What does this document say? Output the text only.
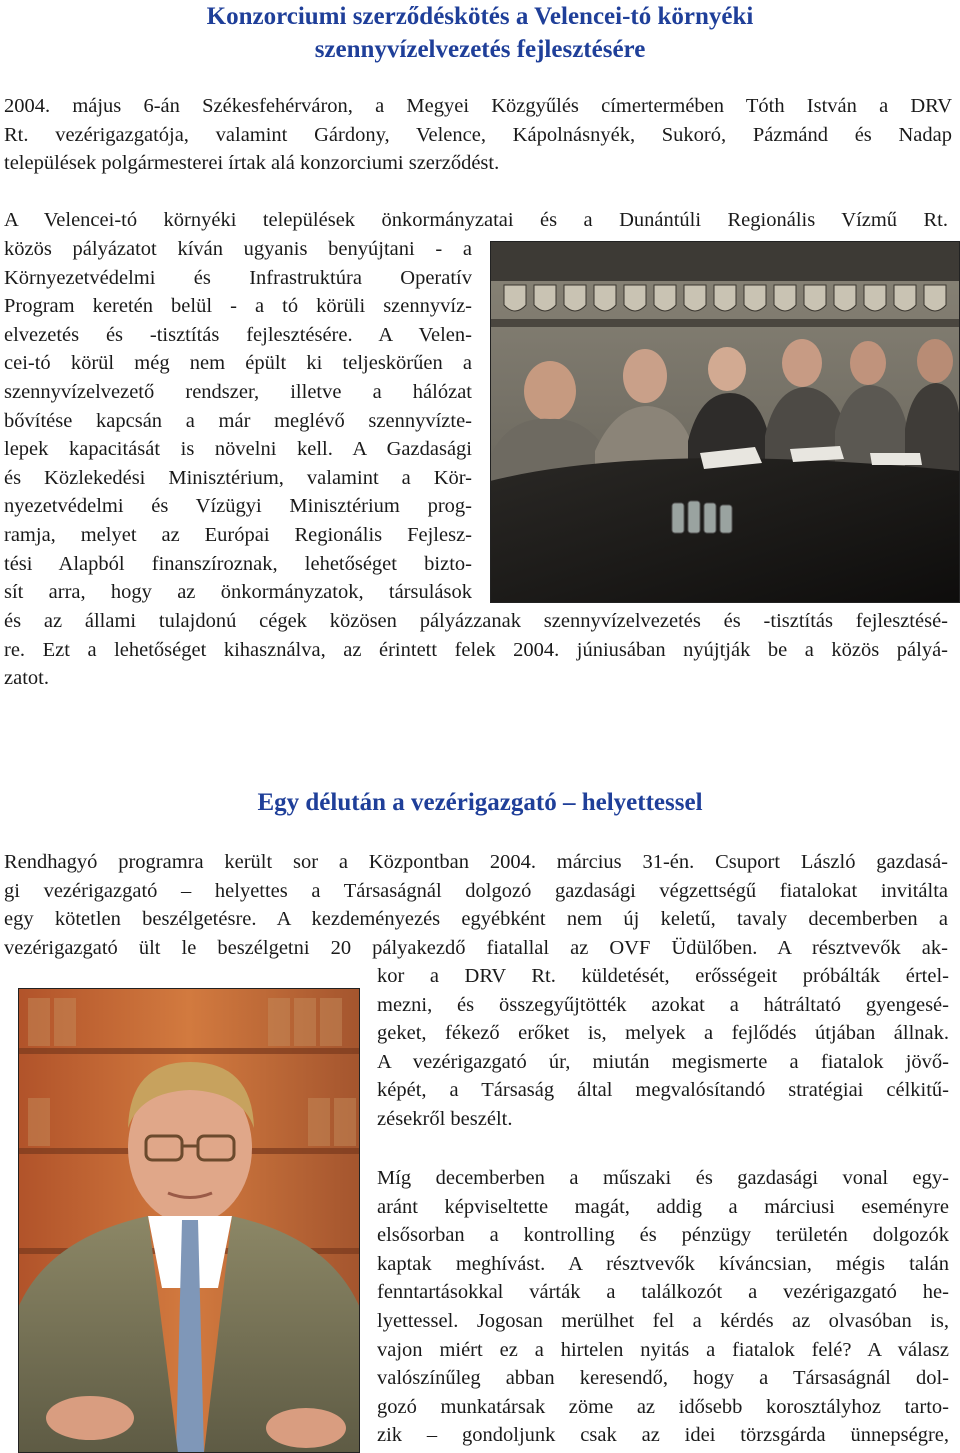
Konzorciumi szerződéskötés a Velencei-tó környéki
szennyvízelvezetés fejlesztésére
2004. május 6-án Székesfehérváron, a Megyei Közgyűlés címertermében Tóth István a DRV
Rt. vezérigazgatója, valamint Gárdony, Velence, Kápolnásnyék, Sukoró, Pázmánd és Nadap
települések polgármesterei írtak alá konzorciumi szerződést.
A Velencei-tó környéki települések önkormányzatai és a Dunántúli Regionális Vízmű Rt.
közös pályázatot kíván ugyanis benyújtani - a
Környezetvédelmi és Infrastruktúra Operatív
Program keretén belül - a tó körüli szennyvíz-
elvezetés és -tisztítás fejlesztésére. A Velen-
cei-tó körül még nem épült ki teljeskörűen a
szennyvízelvezető rendszer, illetve a hálózat
bővítése kapcsán a már meglévő szennyvízte-
lepek kapacitását is növelni kell. A Gazdasági
és Közlekedési Minisztérium, valamint a Kör-
nyezetvédelmi és Vízügyi Minisztérium prog-
ramja, melyet az Európai Regionális Fejlesz-
tési Alapból finanszíroznak, lehetőséget bizto-
sít arra, hogy az önkormányzatok, társulások
és az állami tulajdonú cégek közösen pályázzanak szennyvízelvezetés és -tisztítás fejlesztésé-
re. Ezt a lehetőséget kihasználva, az érintett felek 2004. júniusában nyújtják be a közös pályá-
zatot.
Egy délután a vezérigazgató – helyettessel
Rendhagyó programra került sor a Központban 2004. március 31-én. Csuport László gazdasá-
gi vezérigazgató – helyettes a Társaságnál dolgozó gazdasági végzettségű fiatalokat invitálta
egy kötetlen beszélgetésre. A kezdeményezés egyébként nem új keletű, tavaly decemberben a
vezérigazgató ült le beszélgetni 20 pályakezdő fiatallal az OVF Üdülőben. A résztvevők ak-
kor a DRV Rt. küldetését, erősségeit próbálták értel-
mezni, és összegyűjtötték azokat a hátráltató gyengesé-
geket, fékező erőket is, melyek a fejlődés útjában állnak.
A vezérigazgató úr, miután megismerte a fiatalok jövő-
képét, a Társaság által megvalósítandó stratégiai célkitű-
zésekről beszélt.
Míg decemberben a műszaki és gazdasági vonal egy-
aránt képviseltette magát, addig a márciusi eseményre
elsősorban a kontrolling és pénzügy területén dolgozók
kaptak meghívást. A résztvevők kíváncsian, mégis talán
fenntartásokkal várták a találkozót a vezérigazgató he-
lyettessel. Jogosan merülhet fel a kérdés az olvasóban is,
vajon miért ez a hirtelen nyitás a fiatalok felé? A válasz
valószínűleg abban keresendő, hogy a Társaságnál dol-
gozó munkatársak zöme az idősebb korosztályhoz tarto-
zik – gondoljunk csak az idei törzsgárda ünnepségre,
